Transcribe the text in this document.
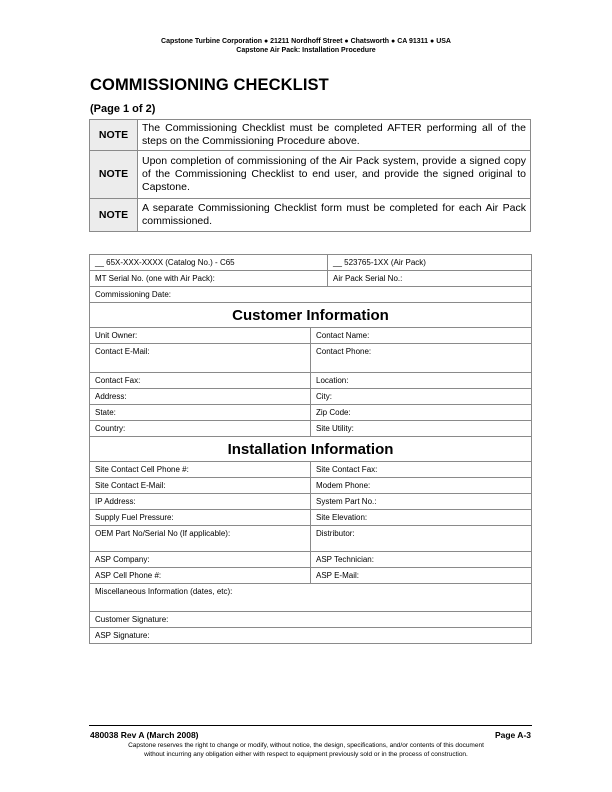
Capstone Turbine Corporation ● 21211 Nordhoff Street ● Chatsworth ● CA 91311 ● USA
Capstone Air Pack: Installation Procedure
COMMISSIONING CHECKLIST
(Page 1 of 2)
NOTE	The Commissioning Checklist must be completed AFTER performing all of the steps on the Commissioning Procedure above.
NOTE	Upon completion of commissioning of the Air Pack system, provide a signed copy of the Commissioning Checklist to end user, and provide the signed original to Capstone.
NOTE	A separate Commissioning Checklist form must be completed for each Air Pack commissioned.
__ 65X-XXX-XXXX (Catalog No.) - C65		__ 523765-1XX (Air Pack)
MT Serial No. (one with Air Pack):		Air Pack Serial No.:
Commissioning Date:		
Customer Information		
Unit Owner:	Contact Name:	
Contact E-Mail:	Contact Phone:	
Contact Fax:	Location:	
Address:	City:	
State:	Zip Code:	
Country:	Site Utility:	
Installation Information		
Site Contact Cell Phone #:	Site Contact Fax:	
Site Contact E-Mail:	Modem Phone:	
IP Address:	System Part No.:	
Supply Fuel Pressure:	Site Elevation:	
OEM Part No/Serial No (If applicable):	Distributor:	
ASP Company:	ASP Technician:	
ASP Cell Phone #:	ASP E-Mail:	
Miscellaneous Information (dates, etc):		
Customer Signature:		
ASP Signature:		
480038 Rev A (March 2008)	Page A-3
Capstone reserves the right to change or modify, without notice, the design, specifications, and/or contents of this document
without incurring any obligation either with respect to equipment previously sold or in the process of construction.
